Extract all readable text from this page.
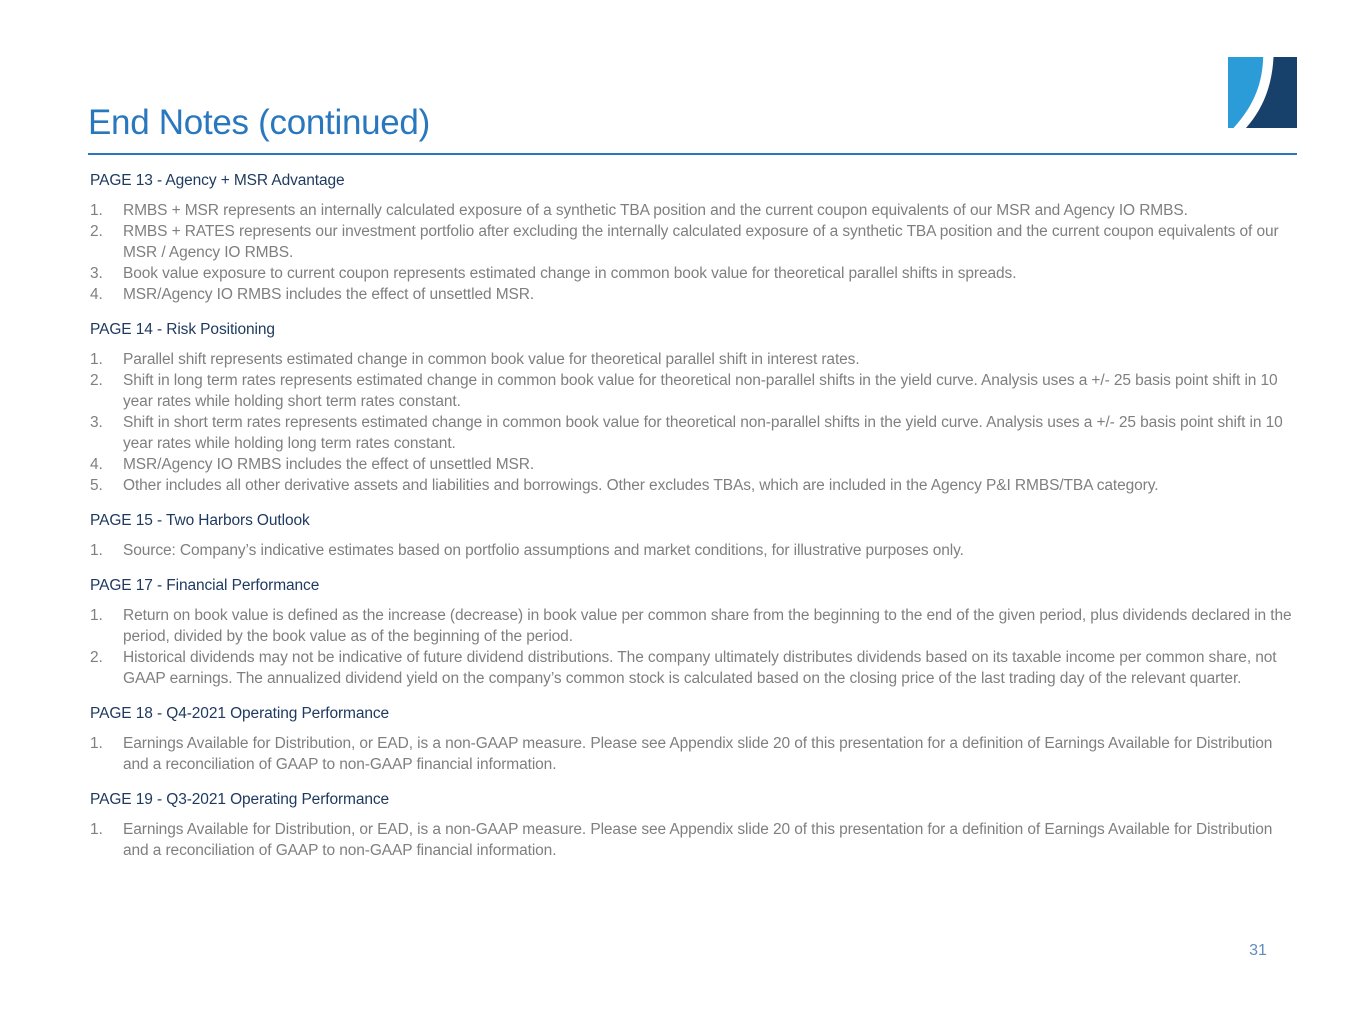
End Notes (continued)
PAGE 13 - Agency + MSR Advantage
1. RMBS + MSR represents an internally calculated exposure of a synthetic TBA position and the current coupon equivalents of our MSR and Agency IO RMBS.
2. RMBS + RATES represents our investment portfolio after excluding the internally calculated exposure of a synthetic TBA position and the current coupon equivalents of our MSR / Agency IO RMBS.
3. Book value exposure to current coupon represents estimated change in common book value for theoretical parallel shifts in spreads.
4. MSR/Agency IO RMBS includes the effect of unsettled MSR.
PAGE 14 - Risk Positioning
1. Parallel shift represents estimated change in common book value for theoretical parallel shift in interest rates.
2. Shift in long term rates represents estimated change in common book value for theoretical non-parallel shifts in the yield curve. Analysis uses a +/- 25 basis point shift in 10 year rates while holding short term rates constant.
3. Shift in short term rates represents estimated change in common book value for theoretical non-parallel shifts in the yield curve. Analysis uses a +/- 25 basis point shift in 10 year rates while holding long term rates constant.
4. MSR/Agency IO RMBS includes the effect of unsettled MSR.
5. Other includes all other derivative assets and liabilities and borrowings. Other excludes TBAs, which are included in the Agency P&I RMBS/TBA category.
PAGE 15 - Two Harbors Outlook
1. Source: Company’s indicative estimates based on portfolio assumptions and market conditions, for illustrative purposes only.
PAGE 17 - Financial Performance
1. Return on book value is defined as the increase (decrease) in book value per common share from the beginning to the end of the given period, plus dividends declared in the period, divided by the book value as of the beginning of the period.
2. Historical dividends may not be indicative of future dividend distributions. The company ultimately distributes dividends based on its taxable income per common share, not GAAP earnings. The annualized dividend yield on the company’s common stock is calculated based on the closing price of the last trading day of the relevant quarter.
PAGE 18 - Q4-2021 Operating Performance
1. Earnings Available for Distribution, or EAD, is a non-GAAP measure. Please see Appendix slide 20 of this presentation for a definition of Earnings Available for Distribution and a reconciliation of GAAP to non-GAAP financial information.
PAGE 19 - Q3-2021 Operating Performance
1. Earnings Available for Distribution, or EAD, is a non-GAAP measure. Please see Appendix slide 20 of this presentation for a definition of Earnings Available for Distribution and a reconciliation of GAAP to non-GAAP financial information.
31
